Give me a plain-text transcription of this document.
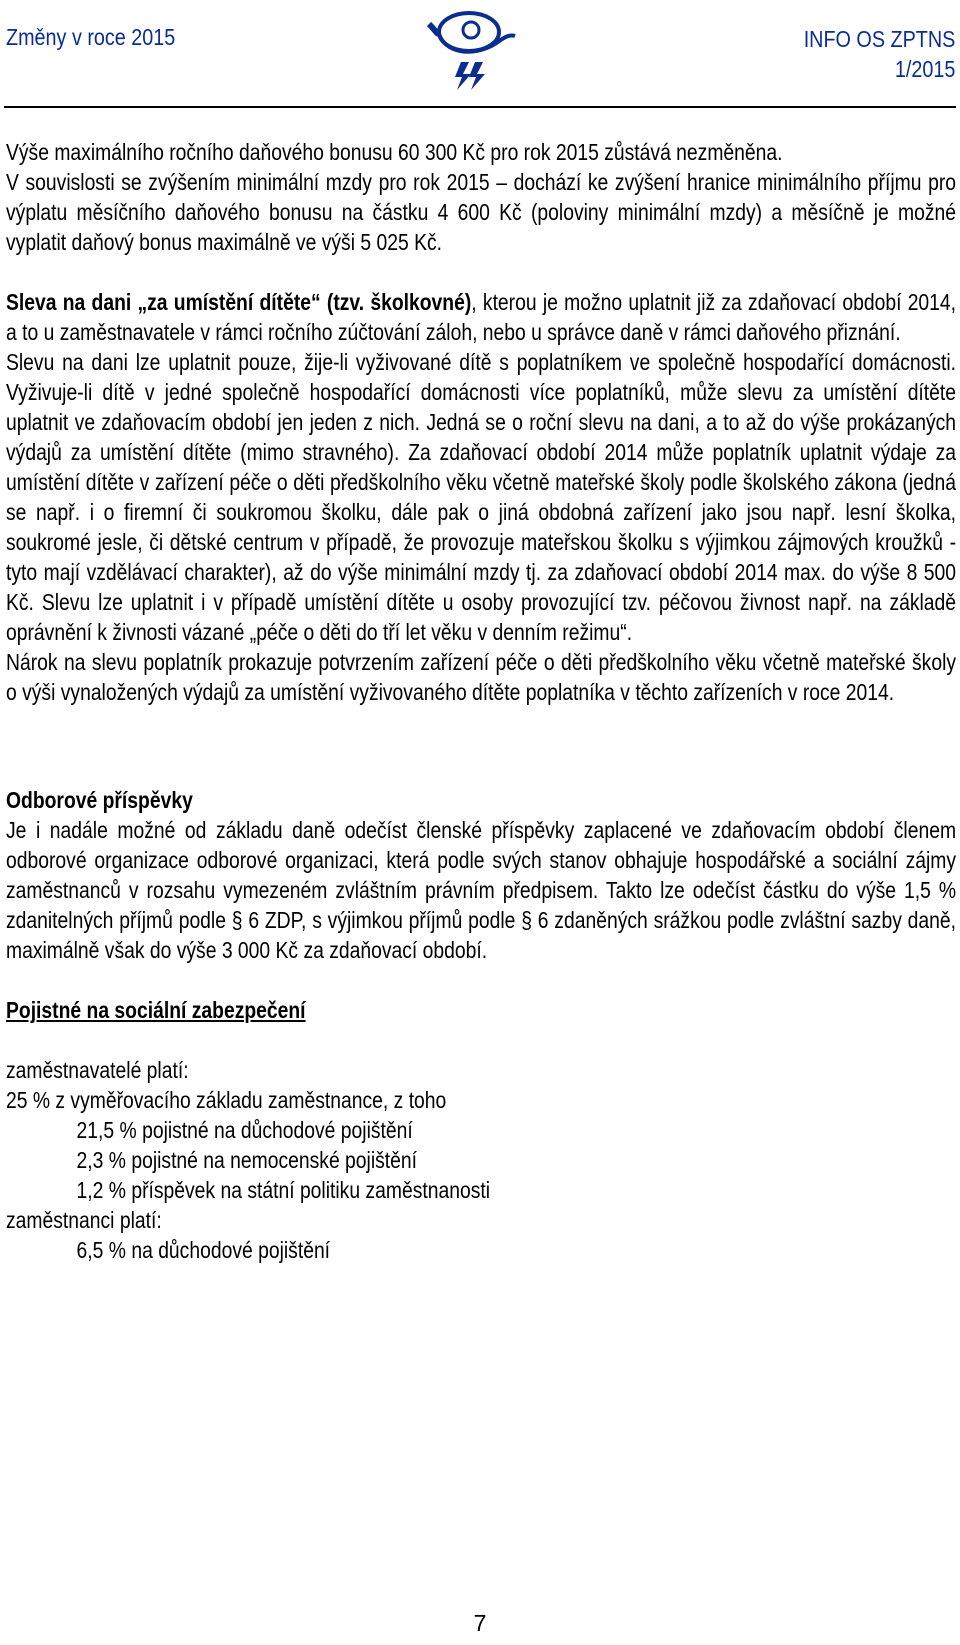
Změny v roce 2015	INFO OS ZPTNS
1/2015

Výše maximálního ročního daňového bonusu 60 300 Kč pro rok 2015 zůstává nezměněna.

V souvislosti se zvýšením minimální mzdy pro rok 2015 – dochází ke zvýšení hranice minimálního příjmu pro výplatu měsíčního daňového bonusu na částku 4 600 Kč (poloviny minimální mzdy) a měsíčně je možné vyplatit daňový bonus maximálně ve výši 5 025 Kč.

Sleva na dani „za umístění dítěte“ (tzv. školkovné), kterou je možno uplatnit již za zdaňovací období 2014, a to u zaměstnavatele v rámci ročního zúčtování záloh, nebo u správce daně v rámci daňového přiznání.

Slevu na dani lze uplatnit pouze, žije-li vyživované dítě s poplatníkem ve společně hospodařící domácnosti. Vyživuje-li dítě v jedné společně hospodařící domácnosti více poplatníků, může slevu za umístění dítěte uplatnit ve zdaňovacím období jen jeden z nich. Jedná se o roční slevu na dani, a to až do výše prokázaných výdajů za umístění dítěte (mimo stravného). Za zdaňovací období 2014 může poplatník uplatnit výdaje za umístění dítěte v zařízení péče o děti předškolního věku včetně mateřské školy podle školského zákona (jedná se např. i o firemní či soukromou školku, dále pak o jiná obdobná zařízení jako jsou např. lesní školka, soukromé jesle, či dětské centrum v případě, že provozuje mateřskou školku s výjimkou zájmových kroužků - tyto mají vzdělávací charakter), až do výše minimální mzdy tj. za zdaňovací období 2014 max. do výše 8 500 Kč. Slevu lze uplatnit i v případě umístění dítěte u osoby provozující tzv. péčovou živnost např. na základě oprávnění k živnosti vázané „péče o děti do tří let věku v denním režimu“.

Nárok na slevu poplatník prokazuje potvrzením zařízení péče o děti předškolního věku včetně mateřské školy o výši vynaložených výdajů za umístění vyživovaného dítěte poplatníka v těchto zařízeních v roce 2014.

Odborové příspěvky

Je i nadále možné od základu daně odečíst členské příspěvky zaplacené ve zdaňovacím období členem odborové organizace odborové organizaci, která podle svých stanov obhajuje hospodářské a sociální zájmy zaměstnanců v rozsahu vymezeném zvláštním právním předpisem. Takto lze odečíst částku do výše 1,5 % zdanitelných příjmů podle § 6 ZDP, s výjimkou příjmů podle § 6 zdaněných srážkou podle zvláštní sazby daně, maximálně však do výše 3 000 Kč za zdaňovací období.

Pojistné na sociální zabezpečení

zaměstnavatelé platí:
25 % z vyměřovacího základu zaměstnance, z toho
21,5 % pojistné na důchodové pojištění
2,3 % pojistné na nemocenské pojištění
1,2 % příspěvek na státní politiku zaměstnanosti
zaměstnanci platí:
6,5 % na důchodové pojištění
7
